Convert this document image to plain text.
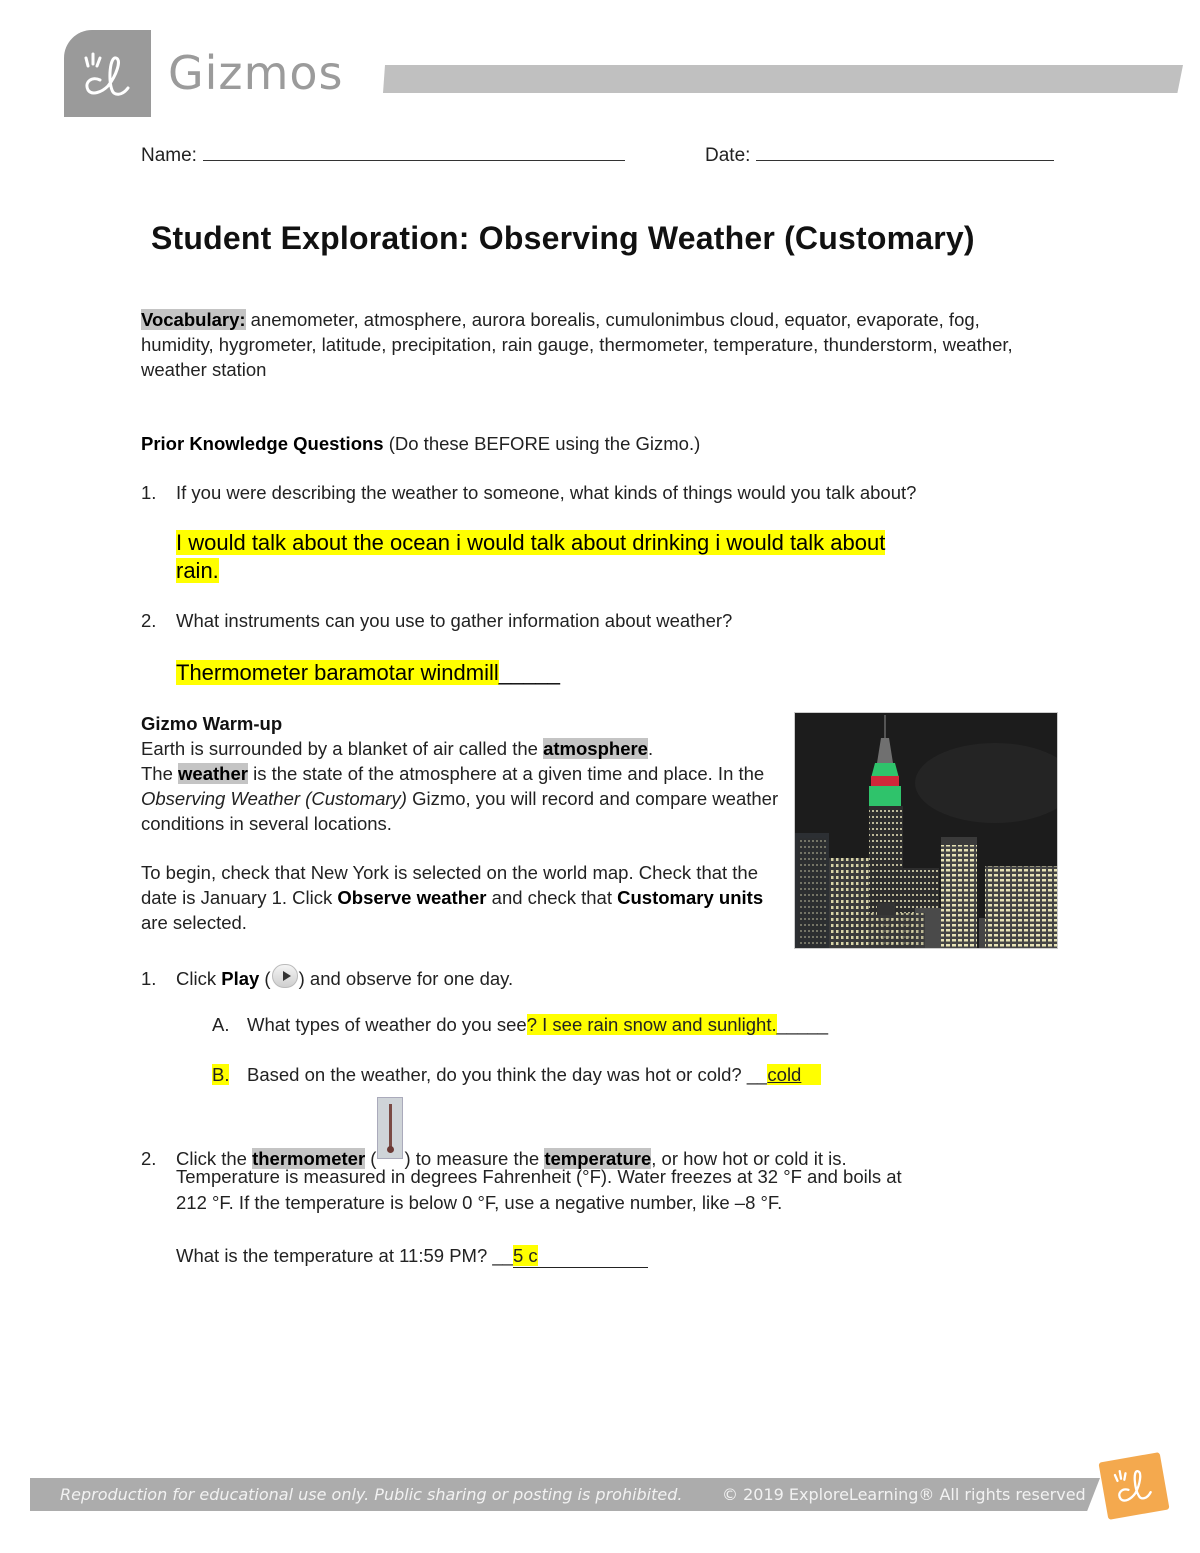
Gizmos
Name:	Date:
Student Exploration: Observing Weather (Customary)
Vocabulary: anemometer, atmosphere, aurora borealis, cumulonimbus cloud, equator, evaporate, fog, humidity, hygrometer, latitude, precipitation, rain gauge, thermometer, temperature, thunderstorm, weather, weather station
Prior Knowledge Questions (Do these BEFORE using the Gizmo.)
1. If you were describing the weather to someone, what kinds of things would you talk about?
I would talk about the ocean i would talk about drinking i would talk about
rain.
2. What instruments can you use to gather information about weather?
Thermometer baramotar windmill_____
Gizmo Warm-up
Earth is surrounded by a blanket of air called the atmosphere.
The weather is the state of the atmosphere at a given time and place. In the Observing Weather (Customary) Gizmo, you will record and compare weather conditions in several locations.
To begin, check that New York is selected on the world map. Check that the date is January 1. Click Observe weather and check that Customary units are selected.
1. Click Play ( ) and observe for one day.
A. What types of weather do you see? I see rain snow and sunlight._____
B. Based on the weather, do you think the day was hot or cold? __cold
2. Click the thermometer ( ) to measure the temperature, or how hot or cold it is.
Temperature is measured in degrees Fahrenheit (°F). Water freezes at 32 °F and boils at
212 °F. If the temperature is below 0 °F, use a negative number, like –8 °F.
What is the temperature at 11:59 PM? __5 c
Reproduction for educational use only. Public sharing or posting is prohibited. © 2019 ExploreLearning® All rights reserved
